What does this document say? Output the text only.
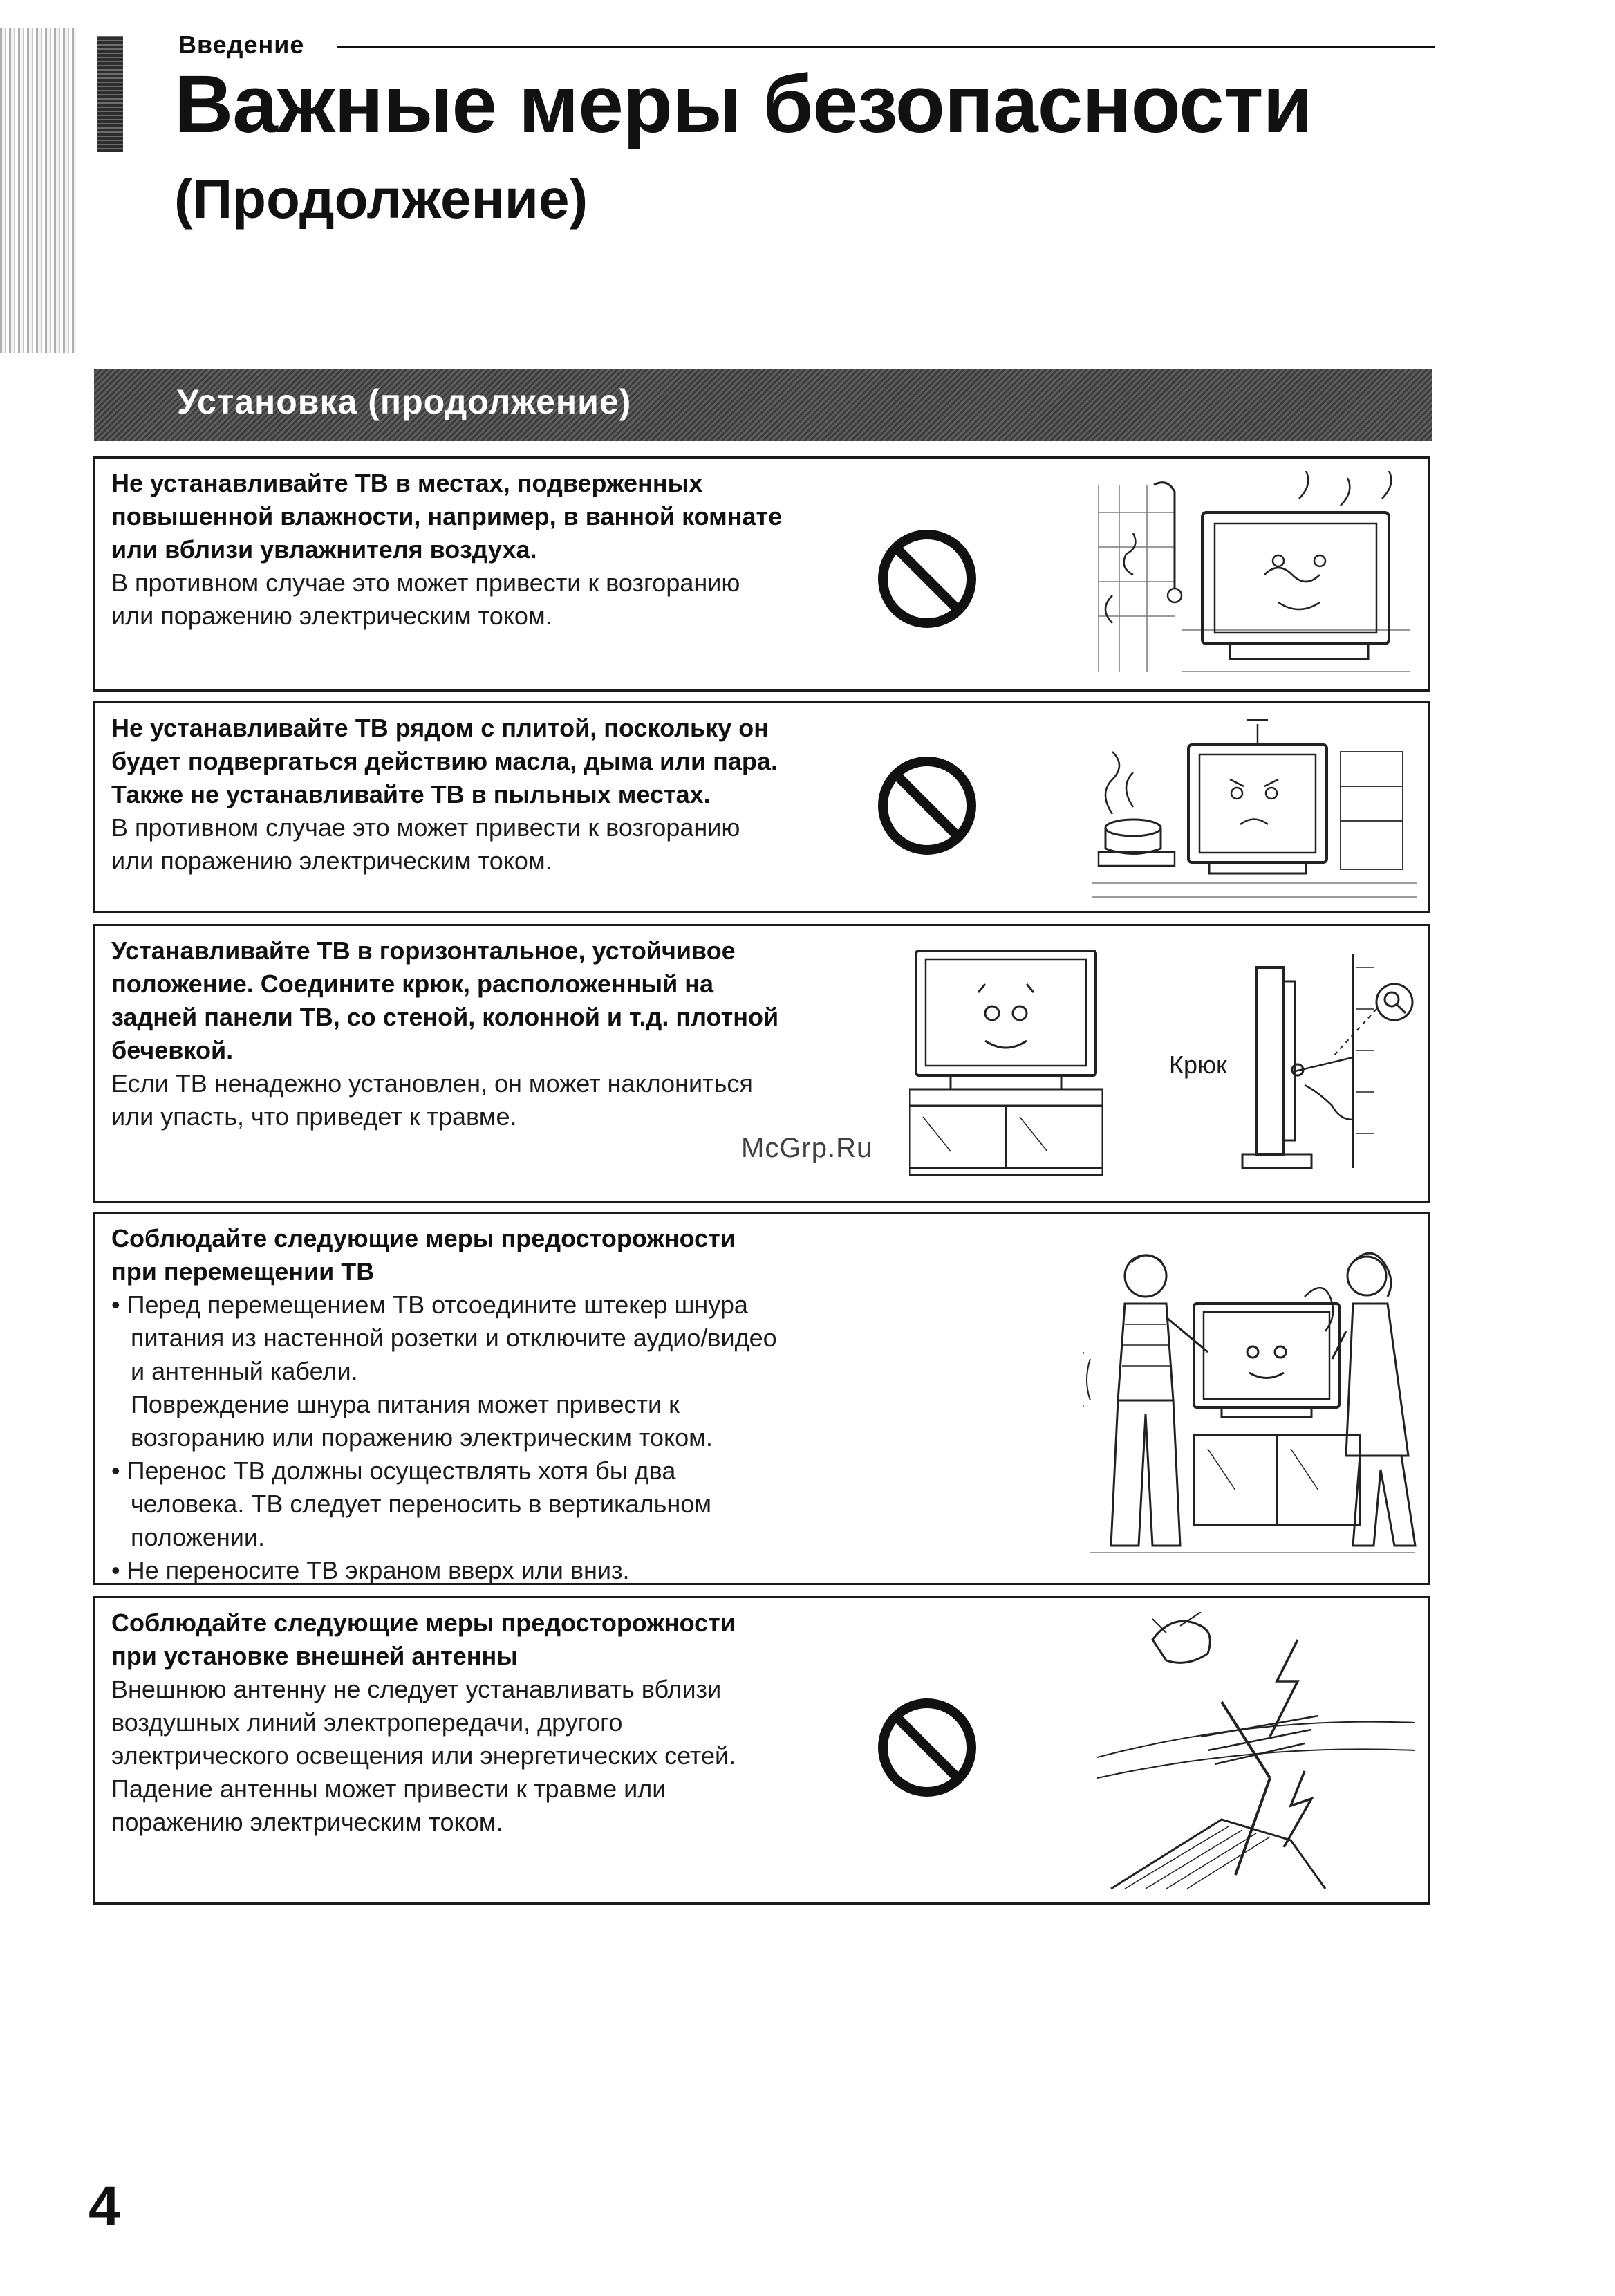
Введение
Важные меры безопасности
(Продолжение)
Установка (продолжение)
Не устанавливайте ТВ в местах, подверженных
повышенной влажности, например, в ванной комнате
или вблизи увлажнителя воздуха.
В противном случае это может привести к возгоранию
или поражению электрическим током.
Не устанавливайте ТВ рядом с плитой, поскольку он
будет подвергаться действию масла, дыма или пара.
Также не устанавливайте ТВ в пыльных местах.
В противном случае это может привести к возгоранию
или поражению электрическим током.
Устанавливайте ТВ в горизонтальное, устойчивое
положение. Соедините крюк, расположенный на
задней панели ТВ, со стеной, колонной и т.д. плотной
бечевкой.
Если ТВ ненадежно установлен, он может наклониться
или упасть, что приведет к травме.
Крюк
Соблюдайте следующие меры предосторожности
при перемещении ТВ
• Перед перемещением ТВ отсоедините штекер шнура
питания из настенной розетки и отключите аудио/видео
и антенный кабели.
Повреждение шнура питания может привести к
возгоранию или поражению электрическим током.
• Перенос ТВ должны осуществлять хотя бы два
человека. ТВ следует переносить в вертикальном
положении.
• Не переносите ТВ экраном вверх или вниз.
Соблюдайте следующие меры предосторожности
при установке внешней антенны
Внешнюю антенну не следует устанавливать вблизи
воздушных линий электропередачи, другого
электрического освещения или энергетических сетей.
Падение антенны может привести к травме или
поражению электрическим током.
McGrp.Ru
4
